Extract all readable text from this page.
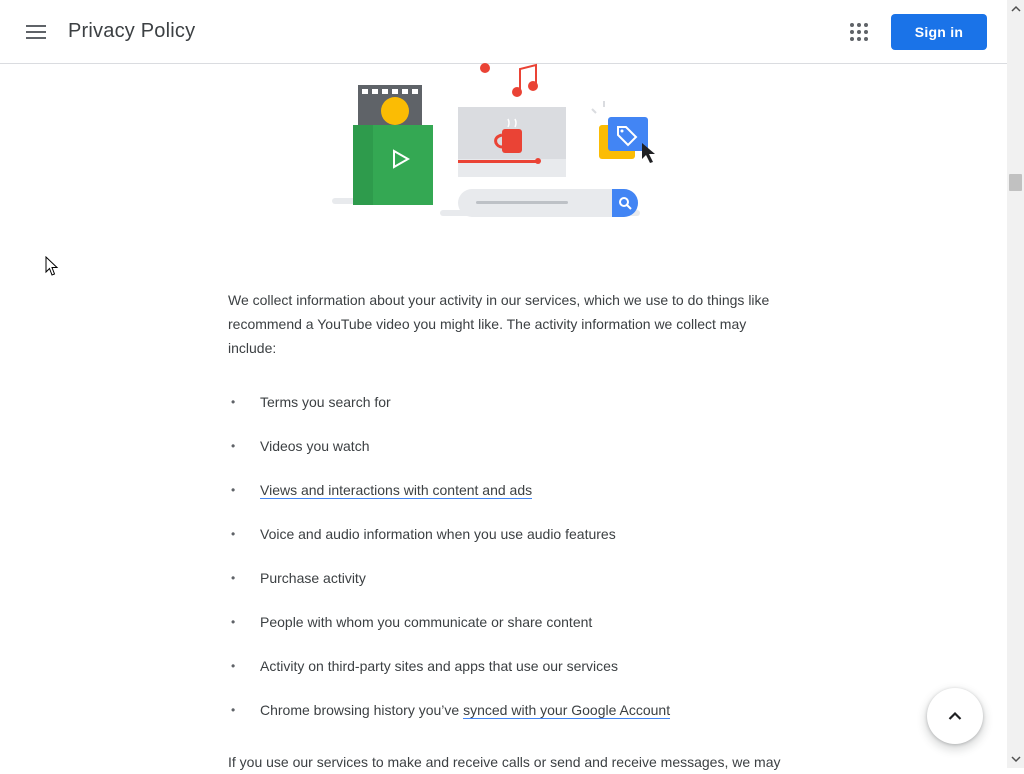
Privacy Policy	Sign in

We collect information about your activity in our services, which we use to do things like recommend a YouTube video you might like. The activity information we collect may include:

• Terms you search for
• Videos you watch
• Views and interactions with content and ads
• Voice and audio information when you use audio features
• Purchase activity
• People with whom you communicate or share content
• Activity on third-party sites and apps that use our services
• Chrome browsing history you’ve synced with your Google Account

If you use our services to make and receive calls or send and receive messages, we may
